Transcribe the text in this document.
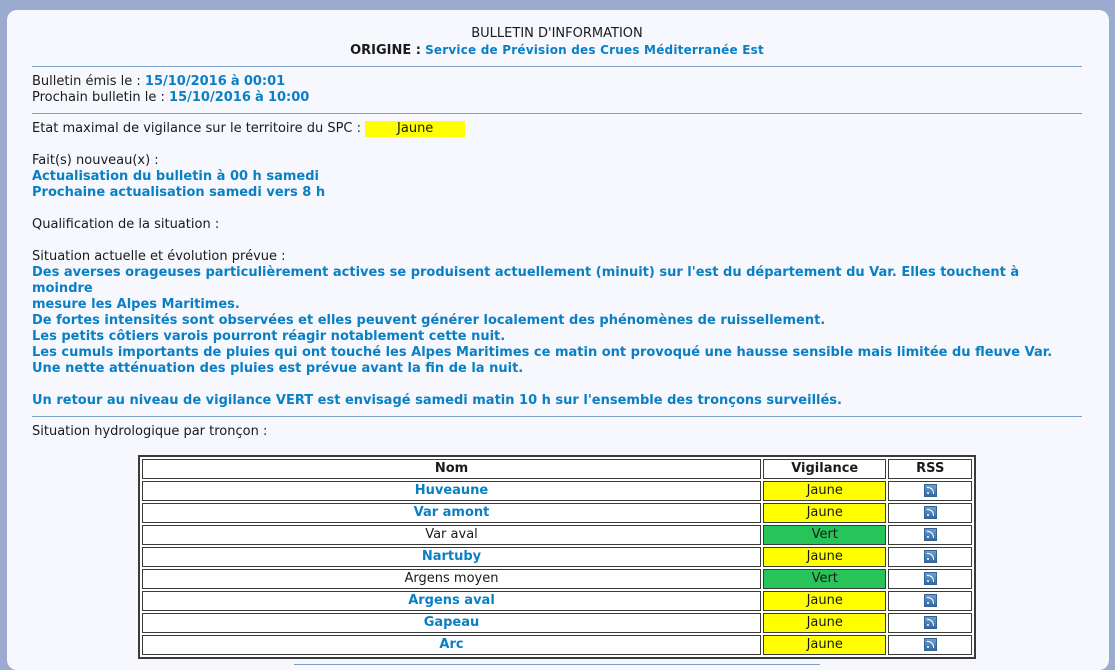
BULLETIN D'INFORMATION
ORIGINE : Service de Prévision des Crues Méditerranée Est
Bulletin émis le : 15/10/2016 à 00:01
Prochain bulletin le : 15/10/2016 à 10:00
Etat maximal de vigilance sur le territoire du SPC :	Jaune
Fait(s) nouveau(x) :
Actualisation du bulletin à 00 h samedi
Prochaine actualisation samedi vers 8 h
Qualification de la situation :
Situation actuelle et évolution prévue :
Des averses orageuses particulièrement actives se produisent actuellement (minuit) sur l'est du département du Var. Elles touchent à moindre
mesure les Alpes Maritimes.
De fortes intensités sont observées et elles peuvent générer localement des phénomènes de ruissellement.
Les petits côtiers varois pourront réagir notablement cette nuit.
Les cumuls importants de pluies qui ont touché les Alpes Maritimes ce matin ont provoqué une hausse sensible mais limitée du fleuve Var.
Une nette atténuation des pluies est prévue avant la fin de la nuit.
Un retour au niveau de vigilance VERT est envisagé samedi matin 10 h sur l'ensemble des tronçons surveillés.
Situation hydrologique par tronçon :
Nom	Vigilance	RSS
Huveaune	Jaune	
Var amont	Jaune	
Var aval	Vert	
Nartuby	Jaune	
Argens moyen	Vert	
Argens aval	Jaune	
Gapeau	Jaune	
Arc	Jaune	
